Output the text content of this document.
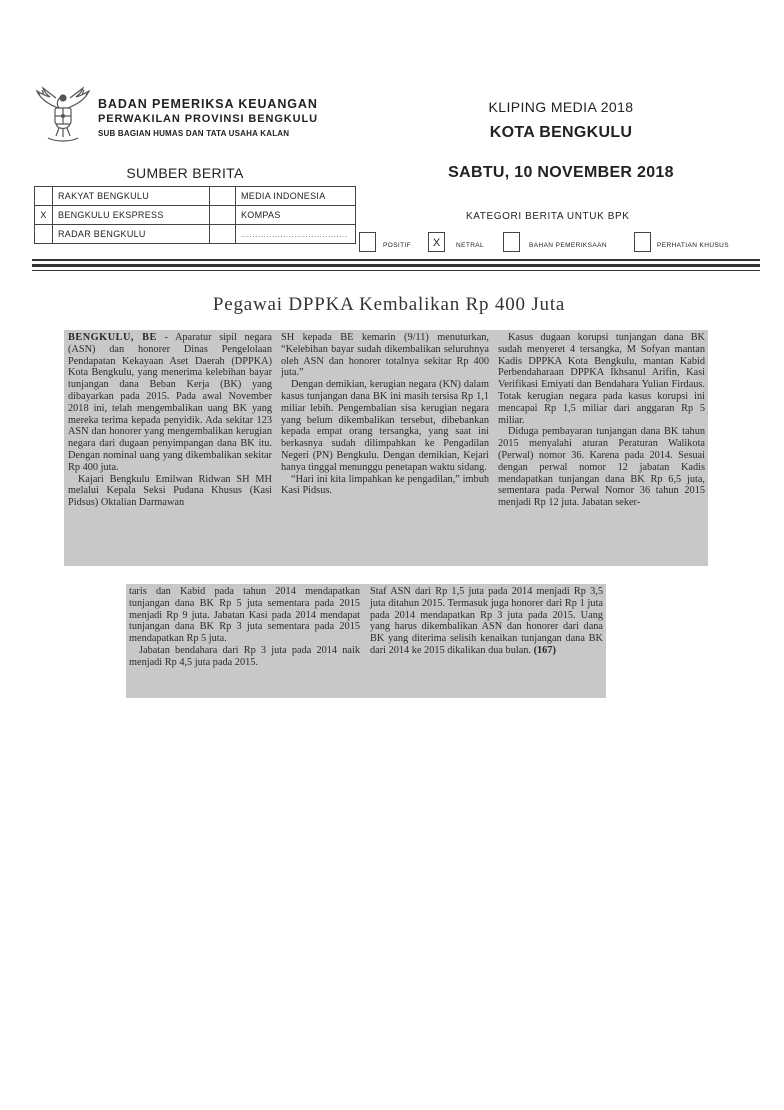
BADAN PEMERIKSA KEUANGAN
PERWAKILAN PROVINSI BENGKULU
SUB BAGIAN HUMAS DAN TATA USAHA KALAN
KLIPING MEDIA 2018
KOTA BENGKULU
SUMBER BERITA	SABTU, 10 NOVEMBER 2018
	RAKYAT BENGKULU		MEDIA INDONESIA
X	BENGKULU EKSPRESS		KOMPAS
	RADAR BENGKULU		......................................
KATEGORI BERITA UNTUK BPK
POSITIF	X	NETRAL	BAHAN PEMERIKSAAN	PERHATIAN KHUSUS
Pegawai DPPKA Kembalikan Rp 400 Juta

BENGKULU, BE - Aparatur sipil negara (ASN) dan honorer Dinas Pengelolaan Pendapatan Kekayaan Aset Daerah (DPPKA) Kota Bengkulu, yang menerima kelebihan bayar tunjangan dana Beban Kerja (BK) yang dibayarkan pada 2015. Pada awal November 2018 ini, telah mengembalikan uang BK yang mereka terima kepada penyidik. Ada sekitar 123 ASN dan honorer yang mengembalikan kerugian negara dari dugaan penyimpangan dana BK itu. Dengan nominal uang yang dikembalikan sekitar Rp 400 juta.

Kajari Bengkulu Emilwan Ridwan SH MH melalui Kepala Seksi Pudana Khusus (Kasi Pidsus) Oktalian Darmawan

SH kepada BE kemarin (9/11) menuturkan, “Kelebihan bayar sudah dikembalikan seluruhnya oleh ASN dan honorer totalnya sekitar Rp 400 juta.”

Dengan demikian, kerugian negara (KN) dalam kasus tunjangan dana BK ini masih tersisa Rp 1,1 miliar lebih. Pengembalian sisa kerugian negara yang belum dikembalikan tersebut, dibebankan kepada empat orang tersangka, yang saat ini berkasnya sudah dilimpahkan ke Pengadilan Negeri (PN) Bengkulu. Dengan demikian, Kejari hanya tinggal menunggu penetapan waktu sidang.

“Hari ini kita limpahkan ke pengadilan,” imbuh Kasi Pidsus.

Kasus dugaan korupsi tunjangan dana BK sudah menyeret 4 tersangka, M Sofyan mantan Kadis DPPKA Kota Bengkulu, mantan Kabid Perbendaharaan DPPKA Ikhsanul Arifin, Kasi Verifikasi Emiyati dan Bendahara Yulian Firdaus. Totak kerugian negara pada kasus korupsi ini mencapai Rp 1,5 miliar dari anggaran Rp 5 miliar.

Diduga pembayaran tunjangan dana BK tahun 2015 menyalahi aturan Peraturan Walikota (Perwal) nomor 36. Karena pada 2014. Sesuai dengan perwal nomor 12 jabatan Kadis mendapatkan tunjangan dana BK Rp 6,5 juta, sementara pada Perwal Nomor 36 tahun 2015 menjadi Rp 12 juta. Jabatan seker-

taris dan Kabid pada tahun 2014 mendapatkan tunjangan dana BK Rp 5 juta sementara pada 2015 menjadi Rp 9 juta. Jabatan Kasi pada 2014 mendapat tunjangan dana BK Rp 3 juta sementara pada 2015 mendapatkan Rp 5 juta.

Jabatan bendahara dari Rp 3 juta pada 2014 naik menjadi Rp 4,5 juta pada 2015.

Staf ASN dari Rp 1,5 juta pada 2014 menjadi Rp 3,5 juta ditahun 2015. Termasuk juga honorer dari Rp 1 juta pada 2014 mendapatkan Rp 3 juta pada 2015. Uang yang harus dikembalikan ASN dan honorer dari dana BK yang diterima selisih kenaikan tunjangan dana BK dari 2014 ke 2015 dikalikan dua bulan. (167)
